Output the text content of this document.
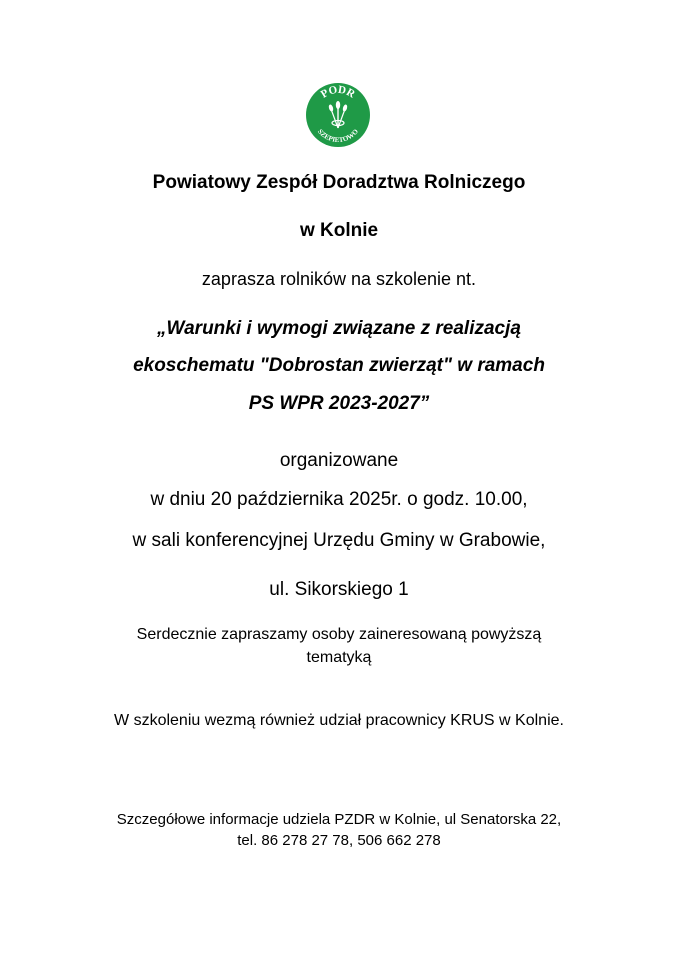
PODR
SZEPIETOWO
Powiatowy Zespół Doradztwa Rolniczego
w Kolnie
zaprasza rolników na szkolenie nt.
„Warunki i wymogi związane z realizacją
ekoschematu "Dobrostan zwierząt" w ramach
PS WPR 2023-2027”
organizowane
w dniu 20 października 2025r. o godz. 10.00,
w sali konferencyjnej Urzędu Gminy w Grabowie,
ul. Sikorskiego 1
Serdecznie zapraszamy osoby zaineresowaną powyższą
tematyką
W szkoleniu wezmą również udział pracownicy KRUS w Kolnie.
Szczegółowe informacje udziela PZDR w Kolnie, ul Senatorska 22,
tel. 86 278 27 78, 506 662 278
